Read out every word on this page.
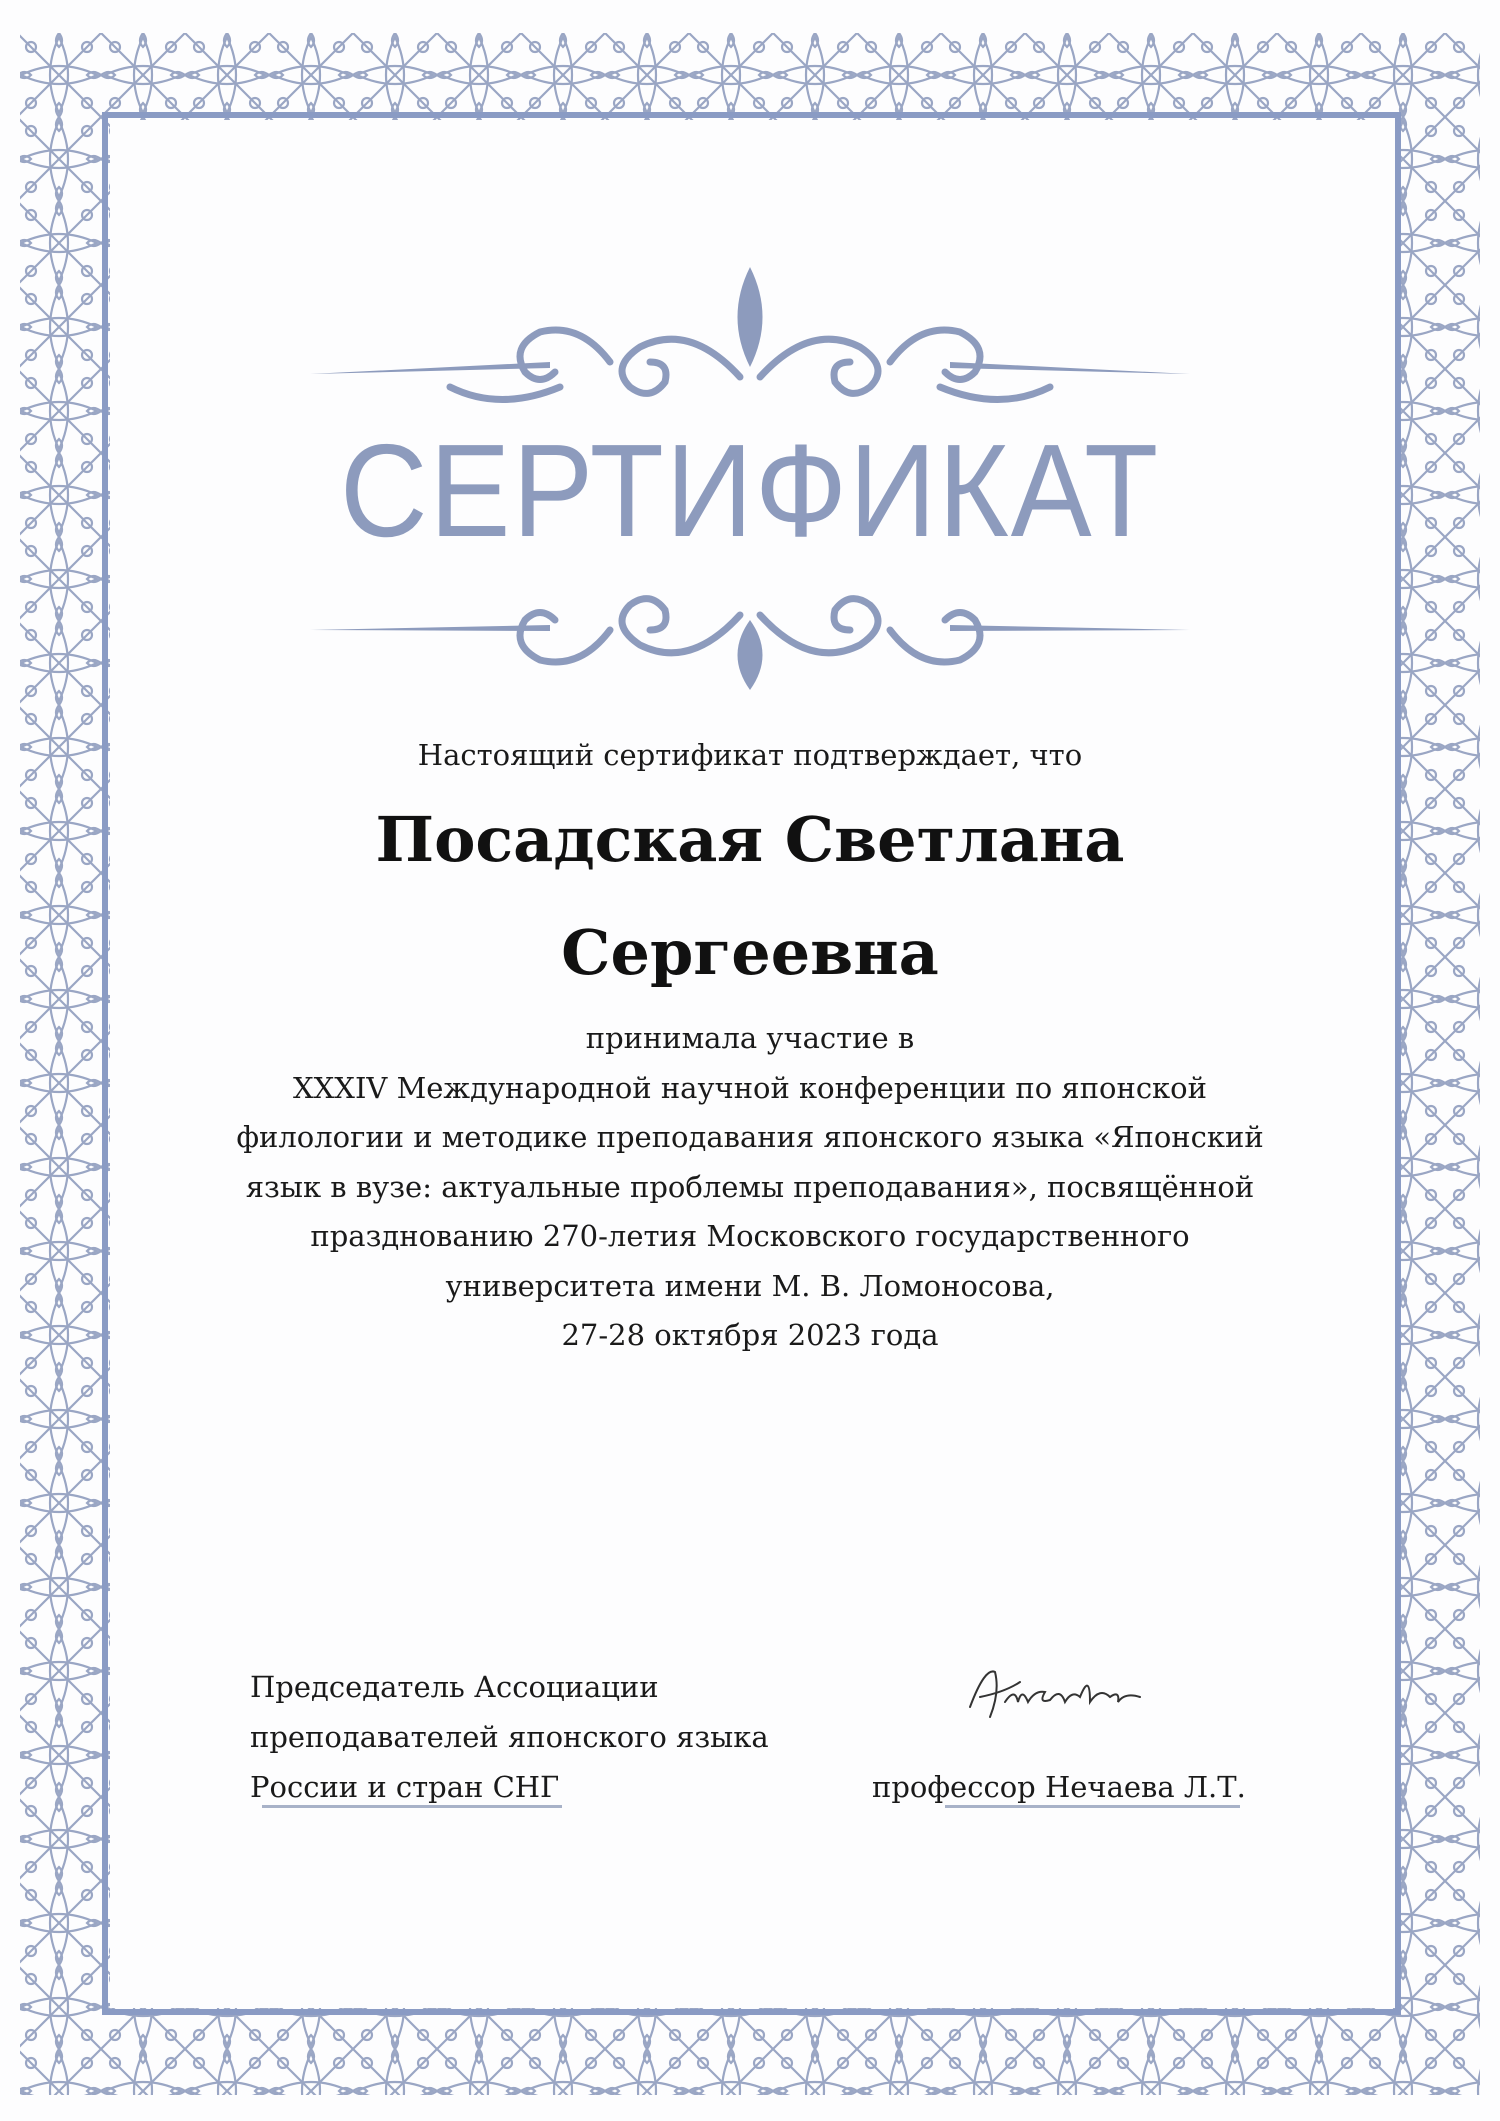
СЕРТИФИКАТ
Настоящий сертификат подтверждает, что
Посадская Светлана
Сергеевна
принимала участие в
XXXIV Международной научной конференции по японской
филологии и методике преподавания японского языка «Японский
язык в вузе: актуальные проблемы преподавания», посвящённой
празднованию 270-летия Московского государственного
университета имени М. В. Ломоносова,
27-28 октября 2023 года
Председатель Ассоциации
преподавателей японского языка
России и стран СНГ	профессор Нечаева Л.Т.
